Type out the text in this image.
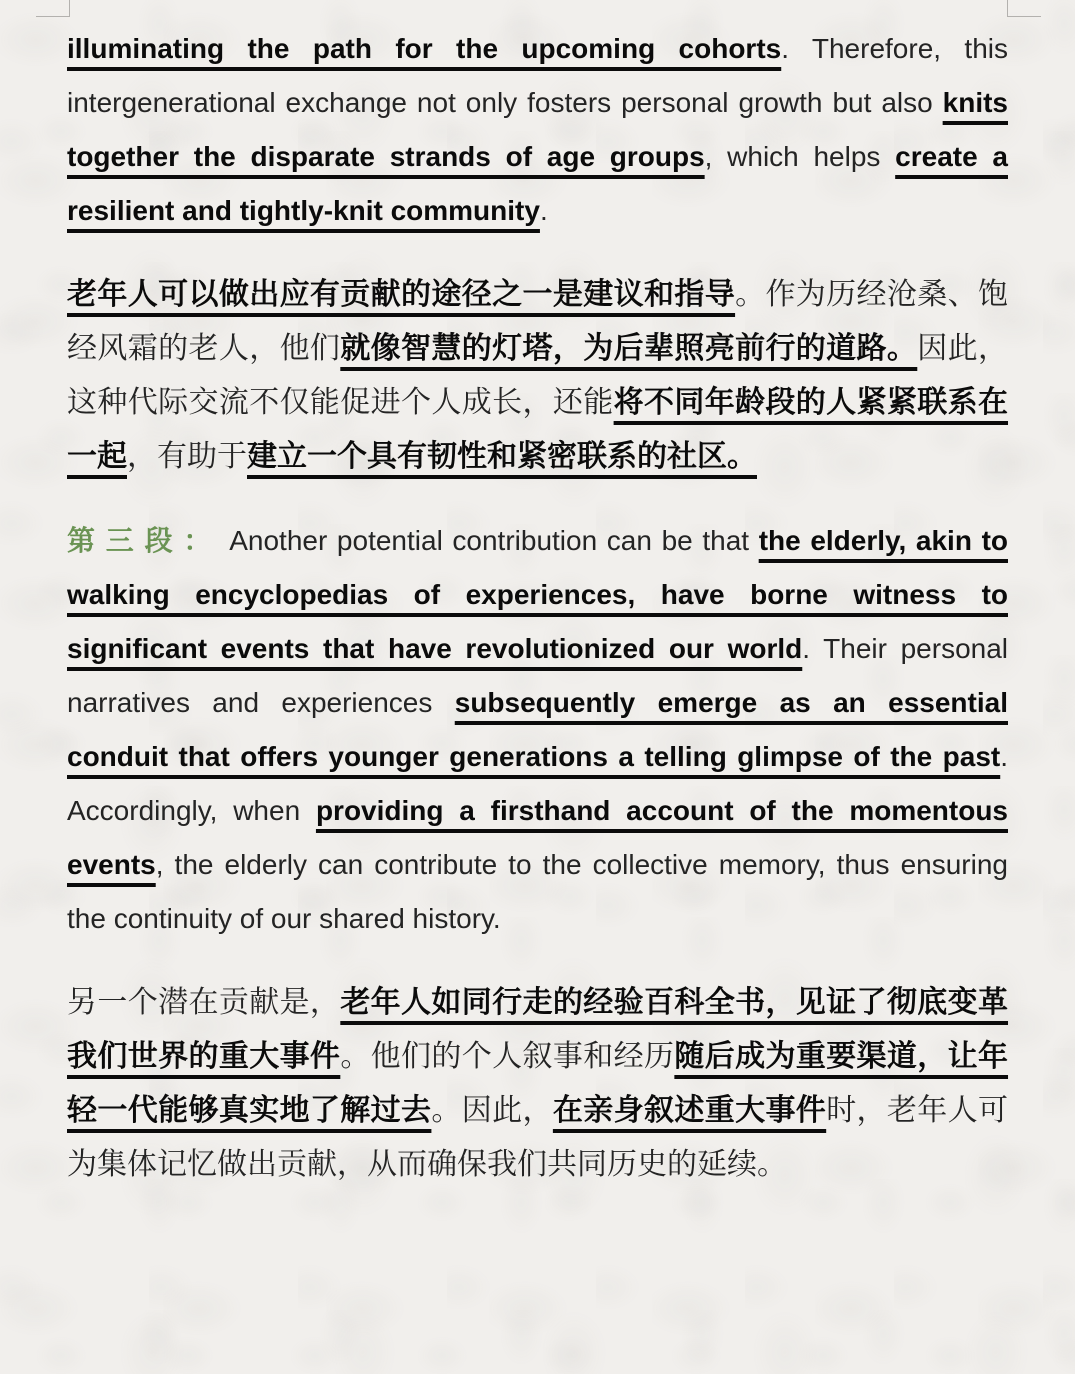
illuminating the path for the upcoming cohorts. Therefore, this intergenerational exchange not only fosters personal growth but also knits together the disparate strands of age groups, which helps create a resilient and tightly-knit community.

老年人可以做出应有贡献的途径之一是建议和指导。作为历经沧桑、饱经风霜的老人，他们就像智慧的灯塔，为后辈照亮前行的道路。因此，这种代际交流不仅能促进个人成长，还能将不同年龄段的人紧紧联系在一起，有助于建立一个具有韧性和紧密联系的社区。

第三段： Another potential contribution can be that the elderly, akin to walking encyclopedias of experiences, have borne witness to significant events that have revolutionized our world. Their personal narratives and experiences subsequently emerge as an essential conduit that offers younger generations a telling glimpse of the past. Accordingly, when providing a firsthand account of the momentous events, the elderly can contribute to the collective memory, thus ensuring the continuity of our shared history.

另一个潜在贡献是，老年人如同行走的经验百科全书，见证了彻底变革我们世界的重大事件。他们的个人叙事和经历随后成为重要渠道，让年轻一代能够真实地了解过去。因此，在亲身叙述重大事件时，老年人可为集体记忆做出贡献，从而确保我们共同历史的延续。
